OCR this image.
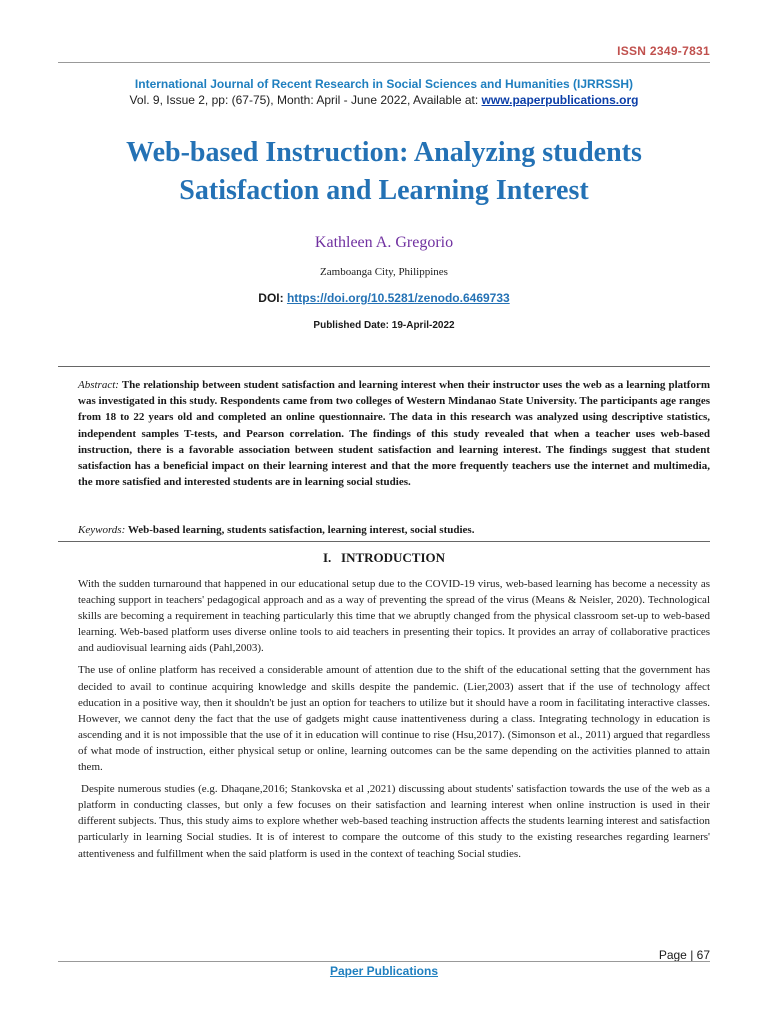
ISSN 2349-7831
International Journal of Recent Research in Social Sciences and Humanities (IJRRSSH)
Vol. 9, Issue 2, pp: (67-75), Month: April - June 2022, Available at: www.paperpublications.org
Web-based Instruction: Analyzing students
Satisfaction and Learning Interest
Kathleen A. Gregorio
Zamboanga City, Philippines
DOI: https://doi.org/10.5281/zenodo.6469733
Published Date: 19-April-2022
Abstract: The relationship between student satisfaction and learning interest when their instructor uses the web as a learning platform was investigated in this study. Respondents came from two colleges of Western Mindanao State University. The participants age ranges from 18 to 22 years old and completed an online questionnaire. The data in this research was analyzed using descriptive statistics, independent samples T-tests, and Pearson correlation. The findings of this study revealed that when a teacher uses web-based instruction, there is a favorable association between student satisfaction and learning interest. The findings suggest that student satisfaction has a beneficial impact on their learning interest and that the more frequently teachers use the internet and multimedia, the more satisfied and interested students are in learning social studies.
Keywords: Web-based learning, students satisfaction, learning interest, social studies.
I.   INTRODUCTION

With the sudden turnaround that happened in our educational setup due to the COVID-19 virus, web-based learning has become a necessity as teaching support in teachers' pedagogical approach and as a way of preventing the spread of the virus (Means & Neisler, 2020). Technological skills are becoming a requirement in teaching particularly this time that we abruptly changed from the physical classroom set-up to web-based learning. Web-based platform uses diverse online tools to aid teachers in presenting their topics. It provides an array of collaborative practices and audiovisual learning aids (Pahl,2003).

The use of online platform has received a considerable amount of attention due to the shift of the educational setting that the government has decided to avail to continue acquiring knowledge and skills despite the pandemic. (Lier,2003) assert that if the use of technology affect education in a positive way, then it shouldn't be just an option for teachers to utilize but it should have a room in facilitating interactive classes. However, we cannot deny the fact that the use of gadgets might cause inattentiveness during a class. Integrating technology in education is ascending and it is not impossible that the use of it in education will continue to rise (Hsu,2017). (Simonson et al., 2011) argued that regardless of what mode of instruction, either physical setup or online, learning outcomes can be the same depending on the activities planned to attain them.

Despite numerous studies (e.g. Dhaqane,2016; Stankovska et al ,2021) discussing about students' satisfaction towards the use of the web as a platform in conducting classes, but only a few focuses on their satisfaction and learning interest when online instruction is used in their different subjects. Thus, this study aims to explore whether web-based teaching instruction affects the students learning interest and satisfaction particularly in learning Social studies. It is of interest to compare the outcome of this study to the existing researches regarding learners' attentiveness and fulfillment when the said platform is used in the context of teaching Social studies.

Page | 67
Paper Publications
